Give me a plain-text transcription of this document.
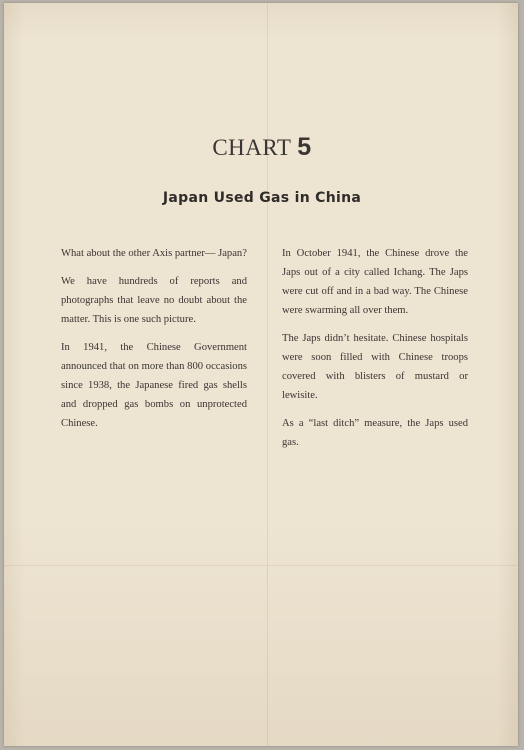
CHART 5
Japan Used Gas in China

What about the other Axis partner— Japan?

We have hundreds of reports and photographs that leave no doubt about the matter. This is one such picture.

In 1941, the Chinese Government announced that on more than 800 occasions since 1938, the Japanese fired gas shells and dropped gas bombs on unprotected Chinese.

In October 1941, the Chinese drove the Japs out of a city called Ichang. The Japs were cut off and in a bad way. The Chinese were swarming all over them.

The Japs didn’t hesitate. Chinese hospitals were soon filled with Chinese troops covered with blisters of mustard or lewisite.

As a “last ditch” measure, the Japs used gas.
